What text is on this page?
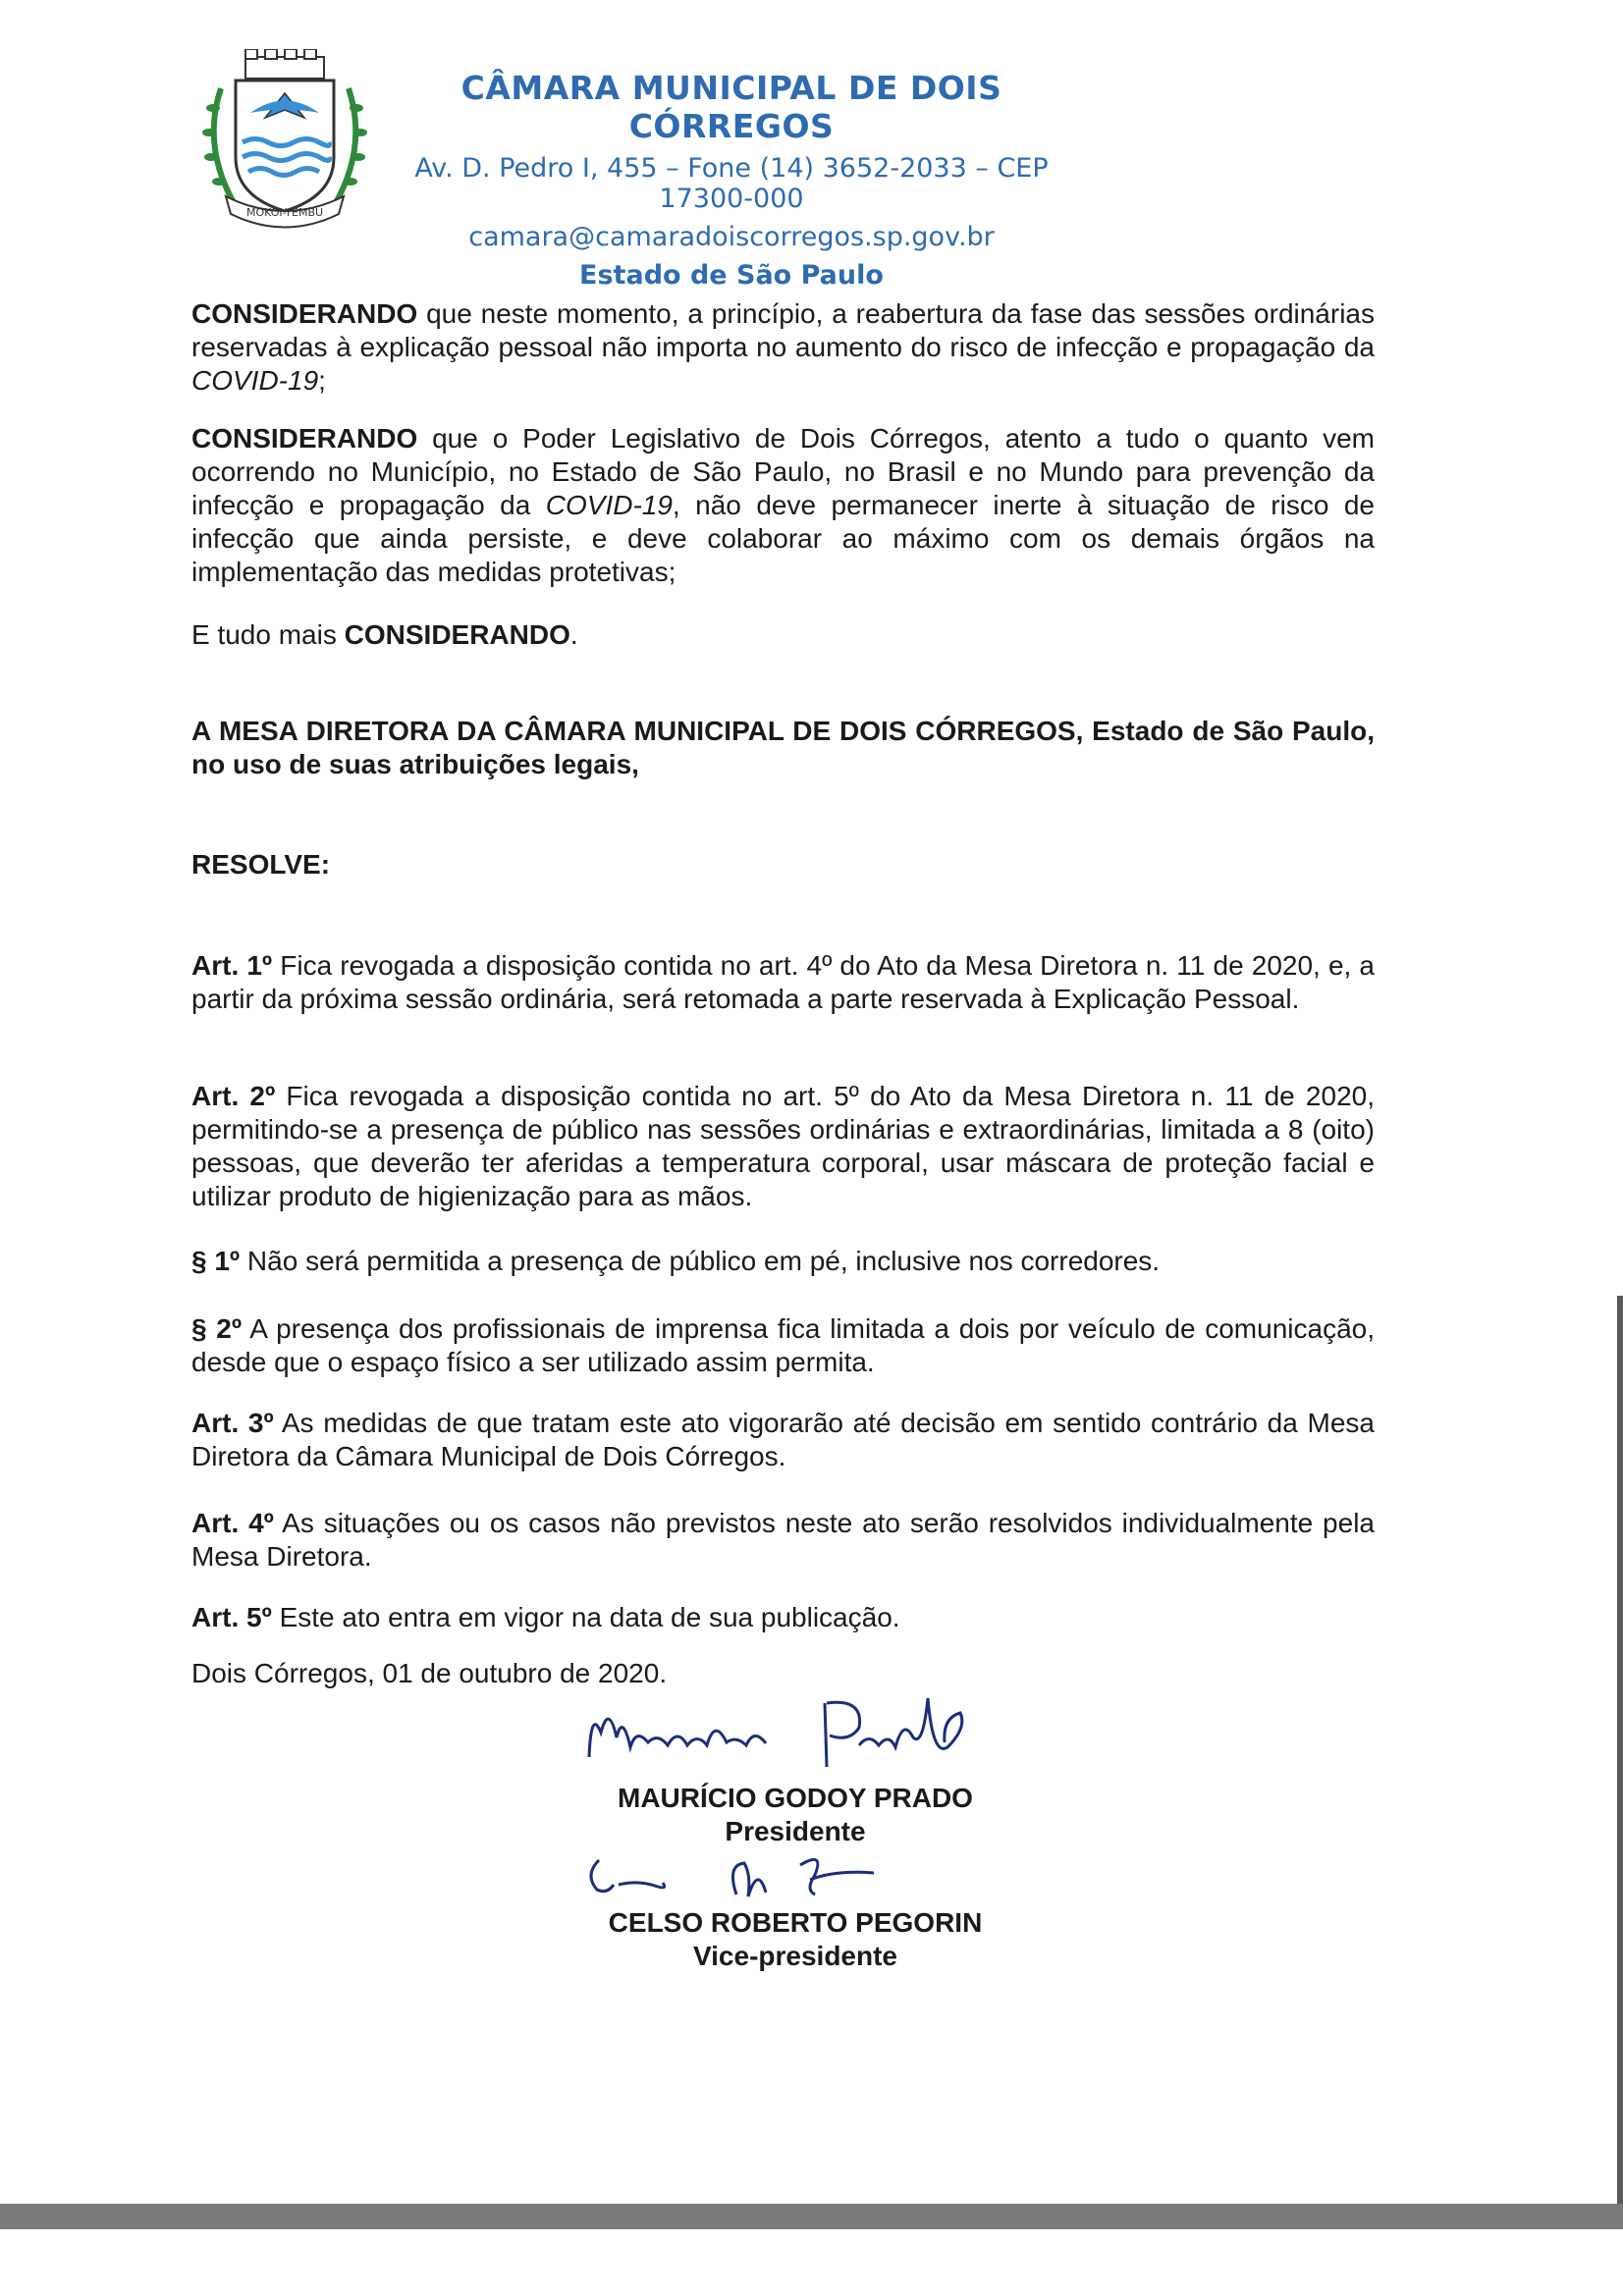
MOKOI-YEMBU
CÂMARA MUNICIPAL DE DOIS CÓRREGOS
Av. D. Pedro I, 455 – Fone (14) 3652-2033 – CEP 17300-000
camara@camaradoiscorregos.sp.gov.br
Estado de São Paulo

CONSIDERANDO que neste momento, a princípio, a reabertura da fase das sessões ordinárias reservadas à explicação pessoal não importa no aumento do risco de infecção e propagação da COVID-19;

CONSIDERANDO que o Poder Legislativo de Dois Córregos, atento a tudo o quanto vem ocorrendo no Município, no Estado de São Paulo, no Brasil e no Mundo para prevenção da infecção e propagação da COVID-19, não deve permanecer inerte à situação de risco de infecção que ainda persiste, e deve colaborar ao máximo com os demais órgãos na implementação das medidas protetivas;

E tudo mais CONSIDERANDO.

A MESA DIRETORA DA CÂMARA MUNICIPAL DE DOIS CÓRREGOS, Estado de São Paulo, no uso de suas atribuições legais,

RESOLVE:

Art. 1º Fica revogada a disposição contida no art. 4º do Ato da Mesa Diretora n. 11 de 2020, e, a partir da próxima sessão ordinária, será retomada a parte reservada à Explicação Pessoal.

Art. 2º Fica revogada a disposição contida no art. 5º do Ato da Mesa Diretora n. 11 de 2020, permitindo-se a presença de público nas sessões ordinárias e extraordinárias, limitada a 8 (oito) pessoas, que deverão ter aferidas a temperatura corporal, usar máscara de proteção facial e utilizar produto de higienização para as mãos.

§ 1º Não será permitida a presença de público em pé, inclusive nos corredores.

§ 2º A presença dos profissionais de imprensa fica limitada a dois por veículo de comunicação, desde que o espaço físico a ser utilizado assim permita.

Art. 3º As medidas de que tratam este ato vigorarão até decisão em sentido contrário da Mesa Diretora da Câmara Municipal de Dois Córregos.

Art. 4º As situações ou os casos não previstos neste ato serão resolvidos individualmente pela Mesa Diretora.

Art. 5º Este ato entra em vigor na data de sua publicação.

Dois Córregos, 01 de outubro de 2020.

MAURÍCIO GODOY PRADO
Presidente
CELSO ROBERTO PEGORIN
Vice-presidente
